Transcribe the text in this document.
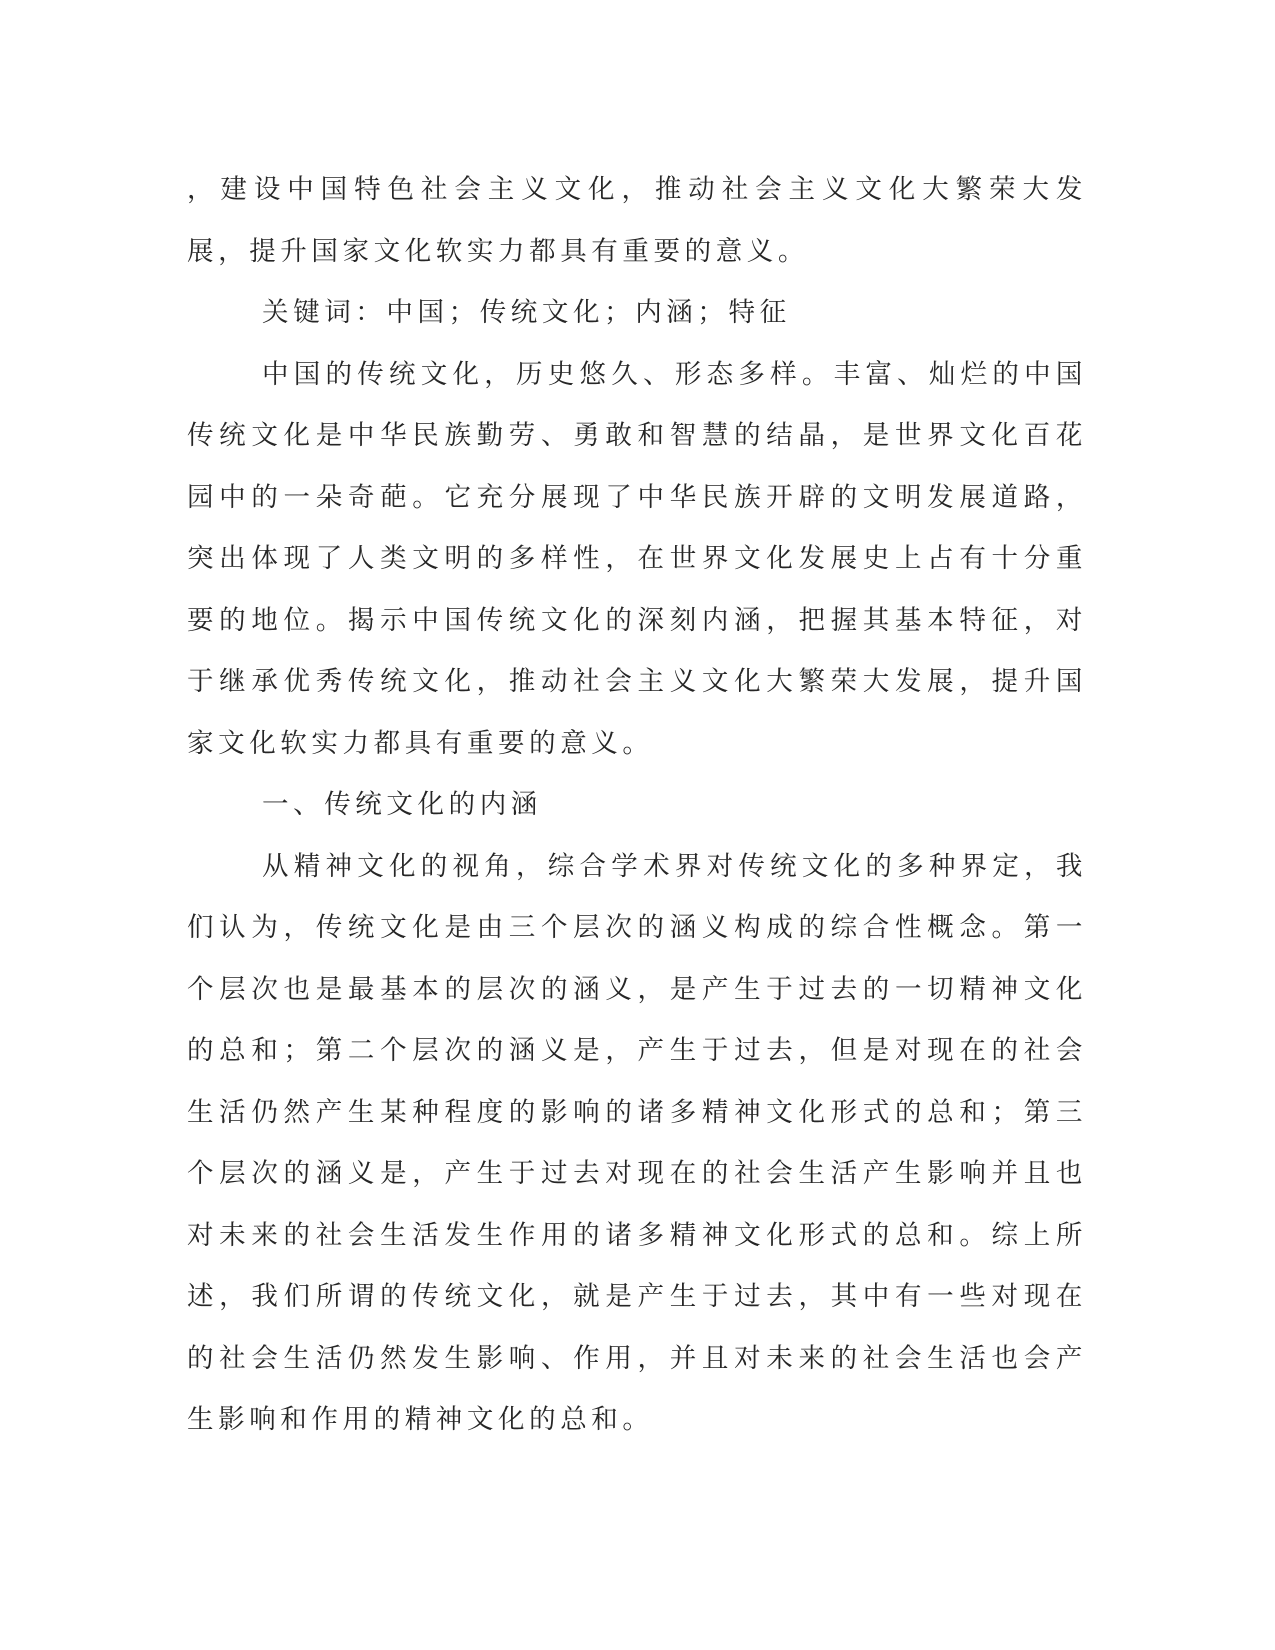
，建设中国特色社会主义文化，推动社会主义文化大繁荣大发展，提升国家文化软实力都具有重要的意义。

关键词：中国；传统文化；内涵；特征

中国的传统文化，历史悠久、形态多样。丰富、灿烂的中国传统文化是中华民族勤劳、勇敢和智慧的结晶，是世界文化百花园中的一朵奇葩。它充分展现了中华民族开辟的文明发展道路，突出体现了人类文明的多样性，在世界文化发展史上占有十分重要的地位。揭示中国传统文化的深刻内涵，把握其基本特征，对于继承优秀传统文化，推动社会主义文化大繁荣大发展，提升国家文化软实力都具有重要的意义。

一、传统文化的内涵

从精神文化的视角，综合学术界对传统文化的多种界定，我们认为，传统文化是由三个层次的涵义构成的综合性概念。第一个层次也是最基本的层次的涵义，是产生于过去的一切精神文化的总和；第二个层次的涵义是，产生于过去，但是对现在的社会生活仍然产生某种程度的影响的诸多精神文化形式的总和；第三个层次的涵义是，产生于过去对现在的社会生活产生影响并且也对未来的社会生活发生作用的诸多精神文化形式的总和。综上所述，我们所谓的传统文化，就是产生于过去，其中有一些对现在的社会生活仍然发生影响、作用，并且对未来的社会生活也会产生影响和作用的精神文化的总和。
